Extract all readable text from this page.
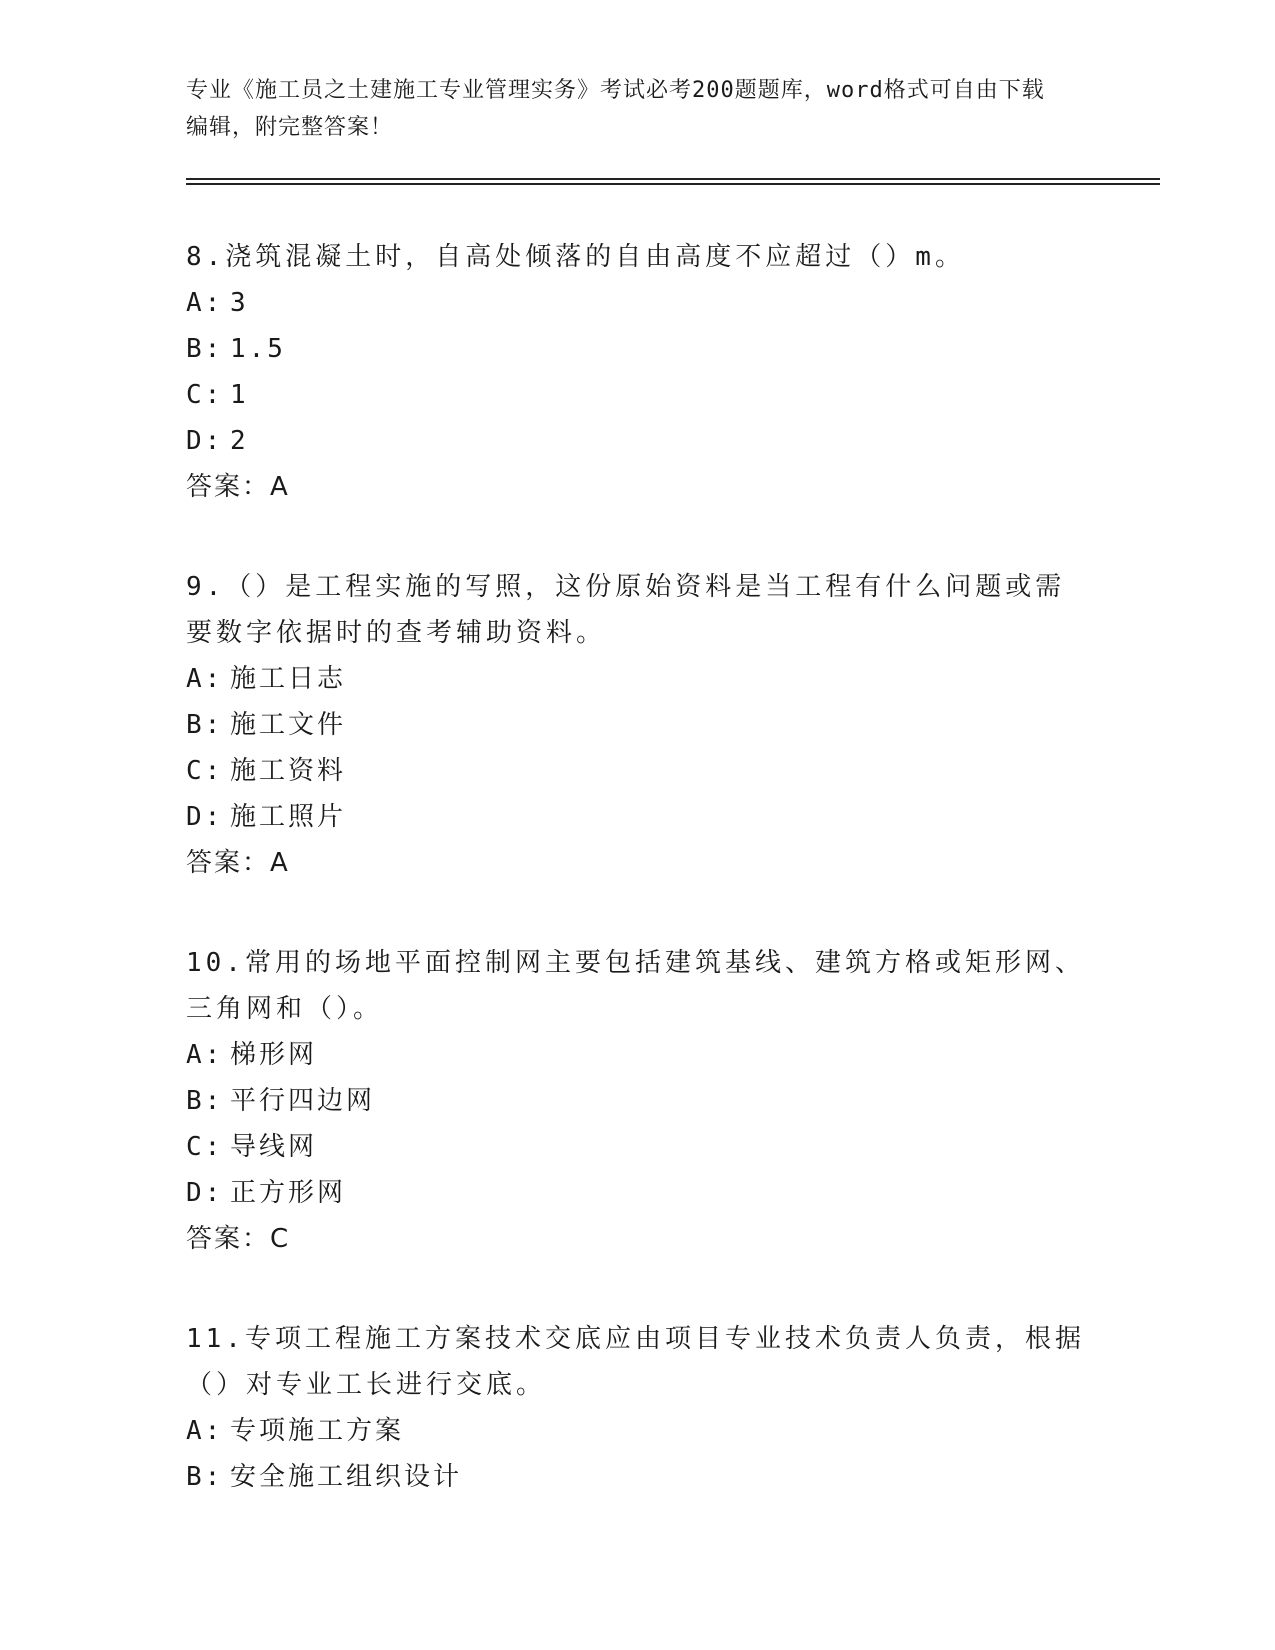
专业《施工员之土建施工专业管理实务》考试必考200题题库，word格式可自由下载编辑，附完整答案！
8.浇筑混凝土时，自高处倾落的自由高度不应超过（）m。
A: 3
B: 1.5
C: 1
D: 2
答案：A
9.（）是工程实施的写照，这份原始资料是当工程有什么问题或需要数字依据时的查考辅助资料。
A: 施工日志
B: 施工文件
C: 施工资料
D: 施工照片
答案：A
10.常用的场地平面控制网主要包括建筑基线、建筑方格或矩形网、三角网和（）。
A: 梯形网
B: 平行四边网
C: 导线网
D: 正方形网
答案：C
11.专项工程施工方案技术交底应由项目专业技术负责人负责，根据（）对专业工长进行交底。
A: 专项施工方案
B: 安全施工组织设计
